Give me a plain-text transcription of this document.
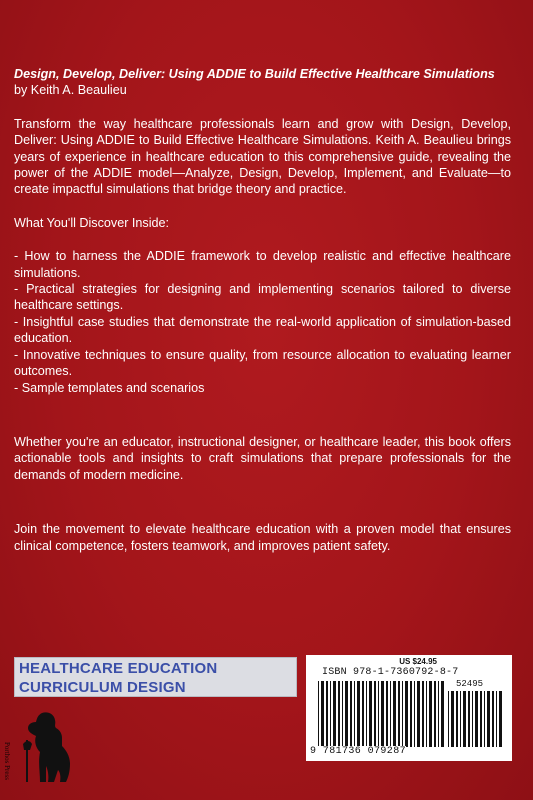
Design, Develop, Deliver: Using ADDIE to Build Effective Healthcare Simulations

by Keith A. Beaulieu

Transform the way healthcare professionals learn and grow with Design, Develop, Deliver: Using ADDIE to Build Effective Healthcare Simulations. Keith A. Beaulieu brings years of experience in healthcare education to this comprehensive guide, revealing the power of the ADDIE model—Analyze, Design, Develop, Implement, and Evaluate—to create impactful simulations that bridge theory and practice.

What You'll Discover Inside:

- How to harness the ADDIE framework to develop realistic and effective healthcare simulations.
- Practical strategies for designing and implementing scenarios tailored to diverse healthcare settings.
- Insightful case studies that demonstrate the real-world application of simulation-based education.
- Innovative techniques to ensure quality, from resource allocation to evaluating learner outcomes.
- Sample templates and scenarios

Whether you're an educator, instructional designer, or healthcare leader, this book offers actionable tools and insights to craft simulations that prepare professionals for the demands of modern medicine.

Join the movement to elevate healthcare education with a proven model that ensures clinical competence, fosters teamwork, and improves patient safety.

HEALTHCARE EDUCATION
CURRICULUM DESIGN
US $24.95
ISBN 978-1-7360792-8-7
52495
9 781736 079287
Porthos Press
